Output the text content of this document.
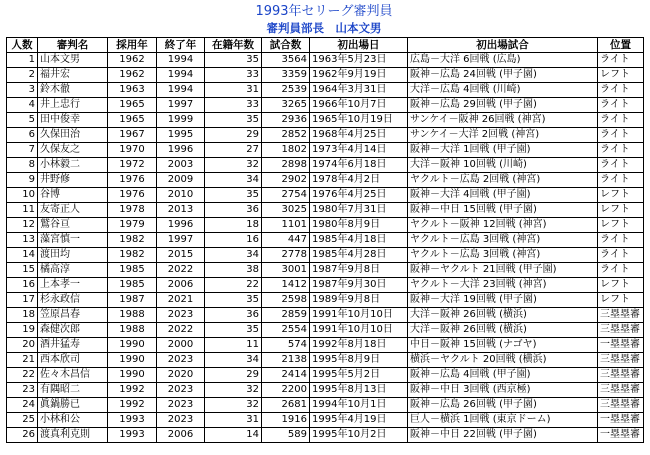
1993年セリーグ審判員
審判員部長　山本文男
人数	審判名	採用年	終了年	在籍年数	試合数	初出場日	初出場試合	位置
1	山本文男	1962	1994	35	3564	1963年5月23日	広島－大洋 6回戦 (広島)	ライト
2	福井宏	1962	1994	33	3359	1962年9月19日	阪神－広島 24回戦 (甲子園)	レフト
3	鈴木徹	1963	1994	31	2539	1964年3月31日	大洋－広島 4回戦 (川崎)	ライト
4	井上忠行	1965	1997	33	3265	1966年10月7日	阪神－広島 29回戦 (甲子園)	ライト
5	田中俊幸	1965	1999	35	2936	1965年10月19日	サンケイ－阪神 26回戦 (神宮)	ライト
6	久保田治	1967	1995	29	2852	1968年4月25日	サンケイ－大洋 2回戦 (神宮)	ライト
7	久保友之	1970	1996	27	1802	1973年4月14日	阪神－大洋 1回戦 (甲子園)	ライト
8	小林毅二	1972	2003	32	2898	1974年6月18日	大洋－阪神 10回戦 (川崎)	ライト
9	井野修	1976	2009	34	2902	1978年4月2日	ヤクルト－広島 2回戦 (神宮)	ライト
10	谷博	1976	2010	35	2754	1976年4月25日	阪神－大洋 4回戦 (甲子園)	レフト
11	友寄正人	1978	2013	36	3025	1980年7月31日	阪神－中日 15回戦 (甲子園)	レフト
12	鷲谷亘	1979	1996	18	1101	1980年8月9日	ヤクルト－阪神 12回戦 (神宮)	レフト
13	藻宮慎一	1982	1997	16	447	1985年4月18日	ヤクルト－広島 3回戦 (神宮)	ライト
14	渡田均	1982	2015	34	2778	1985年4月28日	ヤクルト－広島 3回戦 (神宮)	ライト
15	橘高淳	1985	2022	38	3001	1987年9月8日	阪神－ヤクルト 21回戦 (甲子園)	ライト
16	上本孝一	1985	2006	22	1412	1987年9月30日	ヤクルト－大洋 23回戦 (神宮)	レフト
17	杉永政信	1987	2021	35	2598	1989年9月8日	阪神－大洋 19回戦 (甲子園)	レフト
18	笠原昌春	1988	2023	36	2859	1991年10月10日	大洋－阪神 26回戦 (横浜)	三塁塁審
19	森健次郎	1988	2022	35	2554	1991年10月10日	大洋－阪神 26回戦 (横浜)	三塁塁審
20	酒井猛寿	1990	2000	11	574	1992年8月18日	中日－阪神 15回戦 (ナゴヤ)	一塁塁審
21	西本欣司	1990	2023	34	2138	1995年8月9日	横浜－ヤクルト 20回戦 (横浜)	三塁塁審
22	佐々木昌信	1990	2020	29	2414	1995年5月2日	阪神－広島 4回戦 (甲子園)	三塁塁審
23	有隅昭二	1992	2023	32	2200	1995年8月13日	阪神－中日 3回戦 (西京極)	三塁塁審
24	眞鍋勝已	1992	2023	32	2681	1994年10月1日	阪神－広島 26回戦 (甲子園)	三塁塁審
25	小林和公	1993	2023	31	1916	1995年4月19日	巨人－横浜 1回戦 (東京ドーム)	一塁塁審
26	渡真利克則	1993	2006	14	589	1995年10月2日	阪神－中日 22回戦 (甲子園)	一塁塁審
